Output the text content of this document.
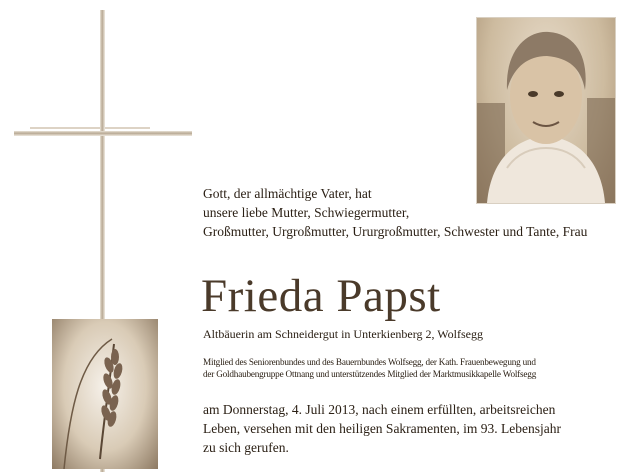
Gott, der allmächtige Vater, hat
unsere liebe Mutter, Schwiegermutter,
Großmutter, Urgroßmutter, Ururgroßmutter, Schwester und Tante, Frau
Frieda Papst
Altbäuerin am Schneidergut in Unterkienberg 2, Wolfsegg
Mitglied des Seniorenbundes und des Bauernbundes Wolfsegg, der Kath. Frauenbewegung und
der Goldhaubengruppe Ottnang und unterstützendes Mitglied der Marktmusikkapelle Wolfsegg
am Donnerstag, 4. Juli 2013, nach einem erfüllten, arbeitsreichen
Leben, versehen mit den heiligen Sakramenten, im 93. Lebensjahr
zu sich gerufen.
